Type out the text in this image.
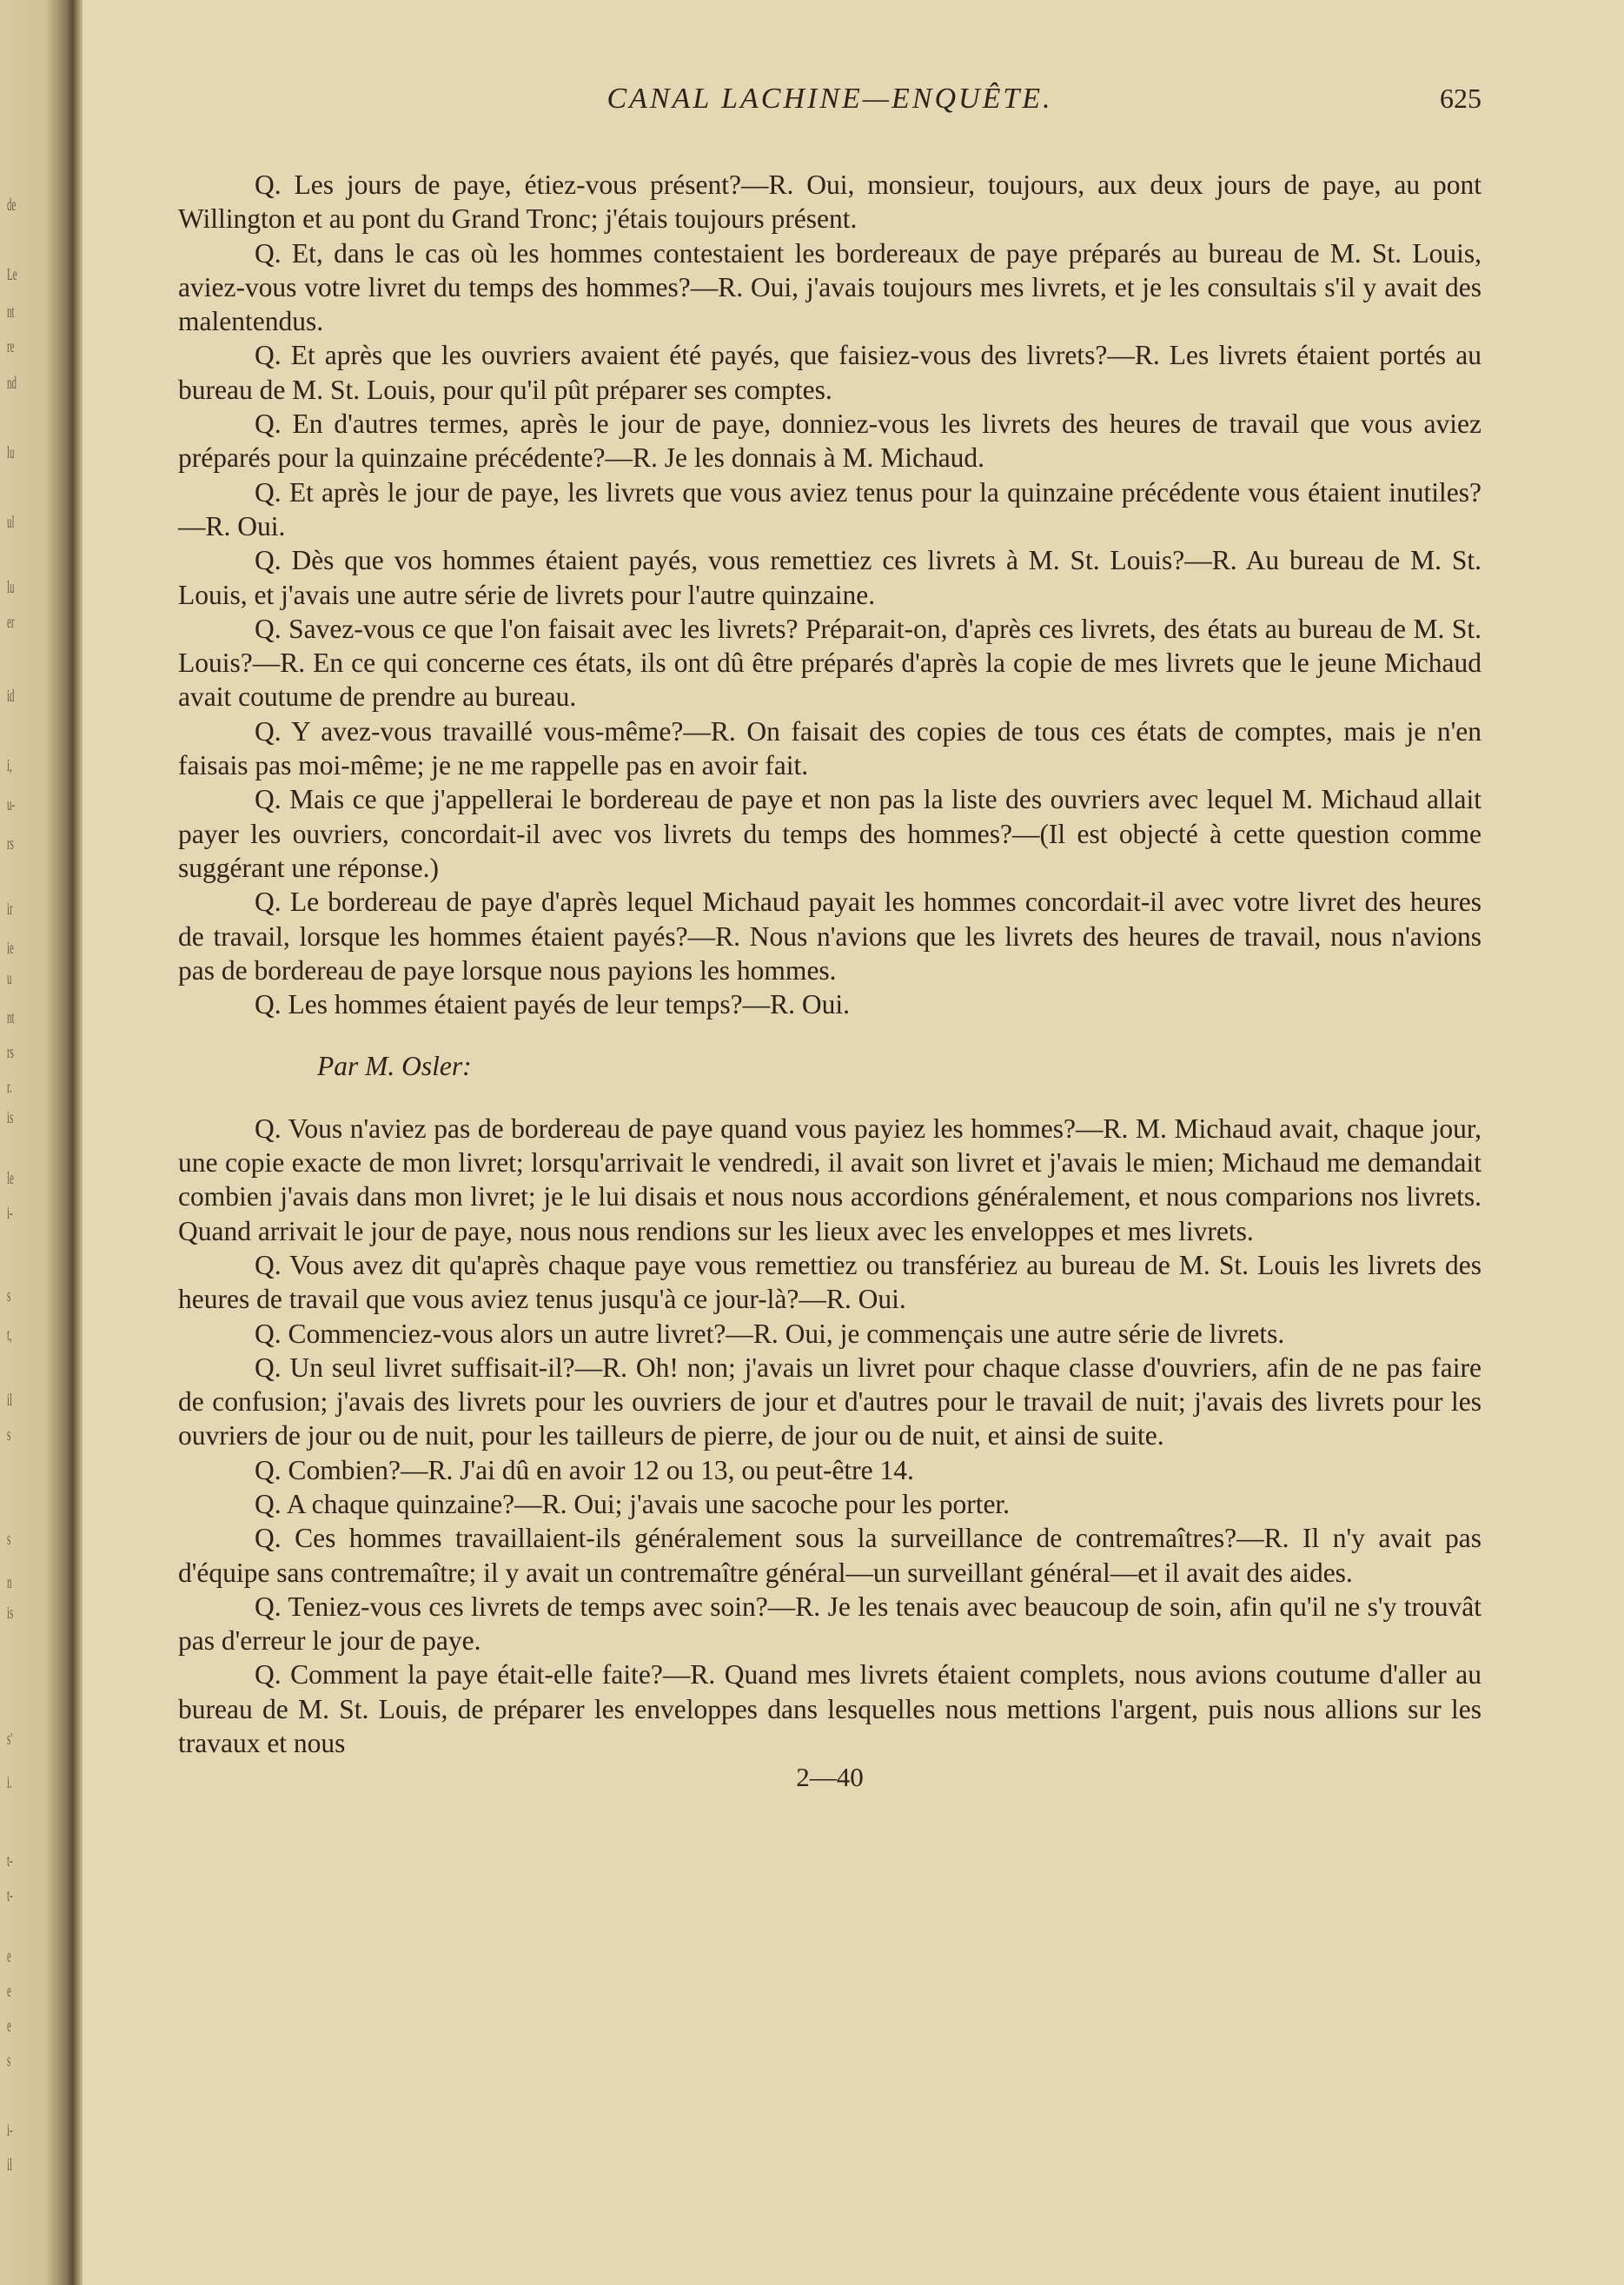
de
Le
nt
re
nd
lu
ul
lu
er
id
i,
u-
rs
ir
ie
u
nt
rs
r.
is
le
i-
s
t,
il
s
s
n
is
s'
i.
t-
t-
e
e
e
s
i-
il
CANAL LACHINE—ENQUÊTE.	625

Q. Les jours de paye, étiez-vous présent?—R. Oui, monsieur, toujours, aux deux jours de paye, au pont Willington et au pont du Grand Tronc; j'étais toujours présent.

Q. Et, dans le cas où les hommes contestaient les bordereaux de paye préparés au bureau de M. St. Louis, aviez-vous votre livret du temps des hommes?—R. Oui, j'avais toujours mes livrets, et je les consultais s'il y avait des malentendus.

Q. Et après que les ouvriers avaient été payés, que faisiez-vous des livrets?—R. Les livrets étaient portés au bureau de M. St. Louis, pour qu'il pût préparer ses comptes.

Q. En d'autres termes, après le jour de paye, donniez-vous les livrets des heures de travail que vous aviez préparés pour la quinzaine précédente?—R. Je les donnais à M. Michaud.

Q. Et après le jour de paye, les livrets que vous aviez tenus pour la quinzaine précédente vous étaient inutiles?—R. Oui.

Q. Dès que vos hommes étaient payés, vous remettiez ces livrets à M. St. Louis?—R. Au bureau de M. St. Louis, et j'avais une autre série de livrets pour l'autre quinzaine.

Q. Savez-vous ce que l'on faisait avec les livrets? Préparait-on, d'après ces livrets, des états au bureau de M. St. Louis?—R. En ce qui concerne ces états, ils ont dû être préparés d'après la copie de mes livrets que le jeune Michaud avait coutume de prendre au bureau.

Q. Y avez-vous travaillé vous-même?—R. On faisait des copies de tous ces états de comptes, mais je n'en faisais pas moi-même; je ne me rappelle pas en avoir fait.

Q. Mais ce que j'appellerai le bordereau de paye et non pas la liste des ouvriers avec lequel M. Michaud allait payer les ouvriers, concordait-il avec vos livrets du temps des hommes?—(Il est objecté à cette question comme suggérant une réponse.)

Q. Le bordereau de paye d'après lequel Michaud payait les hommes concordait-il avec votre livret des heures de travail, lorsque les hommes étaient payés?—R. Nous n'avions que les livrets des heures de travail, nous n'avions pas de bordereau de paye lorsque nous payions les hommes.

Q. Les hommes étaient payés de leur temps?—R. Oui.

Par M. Osler:

Q. Vous n'aviez pas de bordereau de paye quand vous payiez les hommes?—R. M. Michaud avait, chaque jour, une copie exacte de mon livret; lorsqu'arrivait le vendredi, il avait son livret et j'avais le mien; Michaud me demandait combien j'avais dans mon livret; je le lui disais et nous nous accordions généralement, et nous comparions nos livrets. Quand arrivait le jour de paye, nous nous rendions sur les lieux avec les enveloppes et mes livrets.

Q. Vous avez dit qu'après chaque paye vous remettiez ou transfériez au bureau de M. St. Louis les livrets des heures de travail que vous aviez tenus jusqu'à ce jour-là?—R. Oui.

Q. Commenciez-vous alors un autre livret?—R. Oui, je commençais une autre série de livrets.

Q. Un seul livret suffisait-il?—R. Oh! non; j'avais un livret pour chaque classe d'ouvriers, afin de ne pas faire de confusion; j'avais des livrets pour les ouvriers de jour et d'autres pour le travail de nuit; j'avais des livrets pour les ouvriers de jour ou de nuit, pour les tailleurs de pierre, de jour ou de nuit, et ainsi de suite.

Q. Combien?—R. J'ai dû en avoir 12 ou 13, ou peut-être 14.

Q. A chaque quinzaine?—R. Oui; j'avais une sacoche pour les porter.

Q. Ces hommes travaillaient-ils généralement sous la surveillance de contremaîtres?—R. Il n'y avait pas d'équipe sans contremaître; il y avait un contremaître général—un surveillant général—et il avait des aides.

Q. Teniez-vous ces livrets de temps avec soin?—R. Je les tenais avec beaucoup de soin, afin qu'il ne s'y trouvât pas d'erreur le jour de paye.

Q. Comment la paye était-elle faite?—R. Quand mes livrets étaient complets, nous avions coutume d'aller au bureau de M. St. Louis, de préparer les enveloppes dans lesquelles nous mettions l'argent, puis nous allions sur les travaux et nous

2—40
